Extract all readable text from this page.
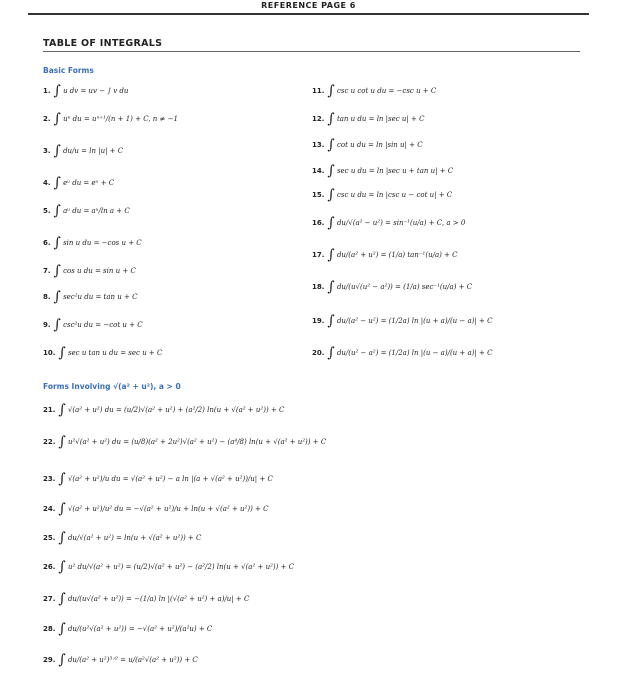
REFERENCE PAGE 6
TABLE OF INTEGRALS
Basic Forms
1. ∫ u dv = uv − ∫ v du
2. ∫ uⁿ du = uⁿ⁺¹/(n + 1) + C, n ≠ −1
3. ∫ du/u = ln |u| + C
4. ∫ eᵘ du = eᵘ + C
5. ∫ aᵘ du = aᵘ/ln a + C
6. ∫ sin u du = −cos u + C
7. ∫ cos u du = sin u + C
8. ∫ sec²u du = tan u + C
9. ∫ csc²u du = −cot u + C
10. ∫ sec u tan u du = sec u + C
11. ∫ csc u cot u du = −csc u + C
12. ∫ tan u du = ln |sec u| + C
13. ∫ cot u du = ln |sin u| + C
14. ∫ sec u du = ln |sec u + tan u| + C
15. ∫ csc u du = ln |csc u − cot u| + C
16. ∫ du/√(a² − u²) = sin⁻¹(u/a) + C, a > 0
17. ∫ du/(a² + u²) = (1/a) tan⁻¹(u/a) + C
18. ∫ du/(u√(u² − a²)) = (1/a) sec⁻¹(u/a) + C
19. ∫ du/(a² − u²) = (1/2a) ln |(u + a)/(u − a)| + C
20. ∫ du/(u² − a²) = (1/2a) ln |(u − a)/(u + a)| + C
Forms Involving √(a² + u²), a > 0
21. ∫ √(a² + u²) du = (u/2)√(a² + u²) + (a²/2) ln(u + √(a² + u²)) + C
22. ∫ u²√(a² + u²) du = (u/8)(a² + 2u²)√(a² + u²) − (a⁴/8) ln(u + √(a² + u²)) + C
23. ∫ √(a² + u²)/u du = √(a² + u²) − a ln |(a + √(a² + u²))/u| + C
24. ∫ √(a² + u²)/u² du = −√(a² + u²)/u + ln(u + √(a² + u²)) + C
25. ∫ du/√(a² + u²) = ln(u + √(a² + u²)) + C
26. ∫ u² du/√(a² + u²) = (u/2)√(a² + u²) − (a²/2) ln(u + √(a² + u²)) + C
27. ∫ du/(u√(a² + u²)) = −(1/a) ln |(√(a² + u²) + a)/u| + C
28. ∫ du/(u²√(a² + u²)) = −√(a² + u²)/(a²u) + C
29. ∫ du/(a² + u²)³ᐟ² = u/(a²√(a² + u²)) + C
